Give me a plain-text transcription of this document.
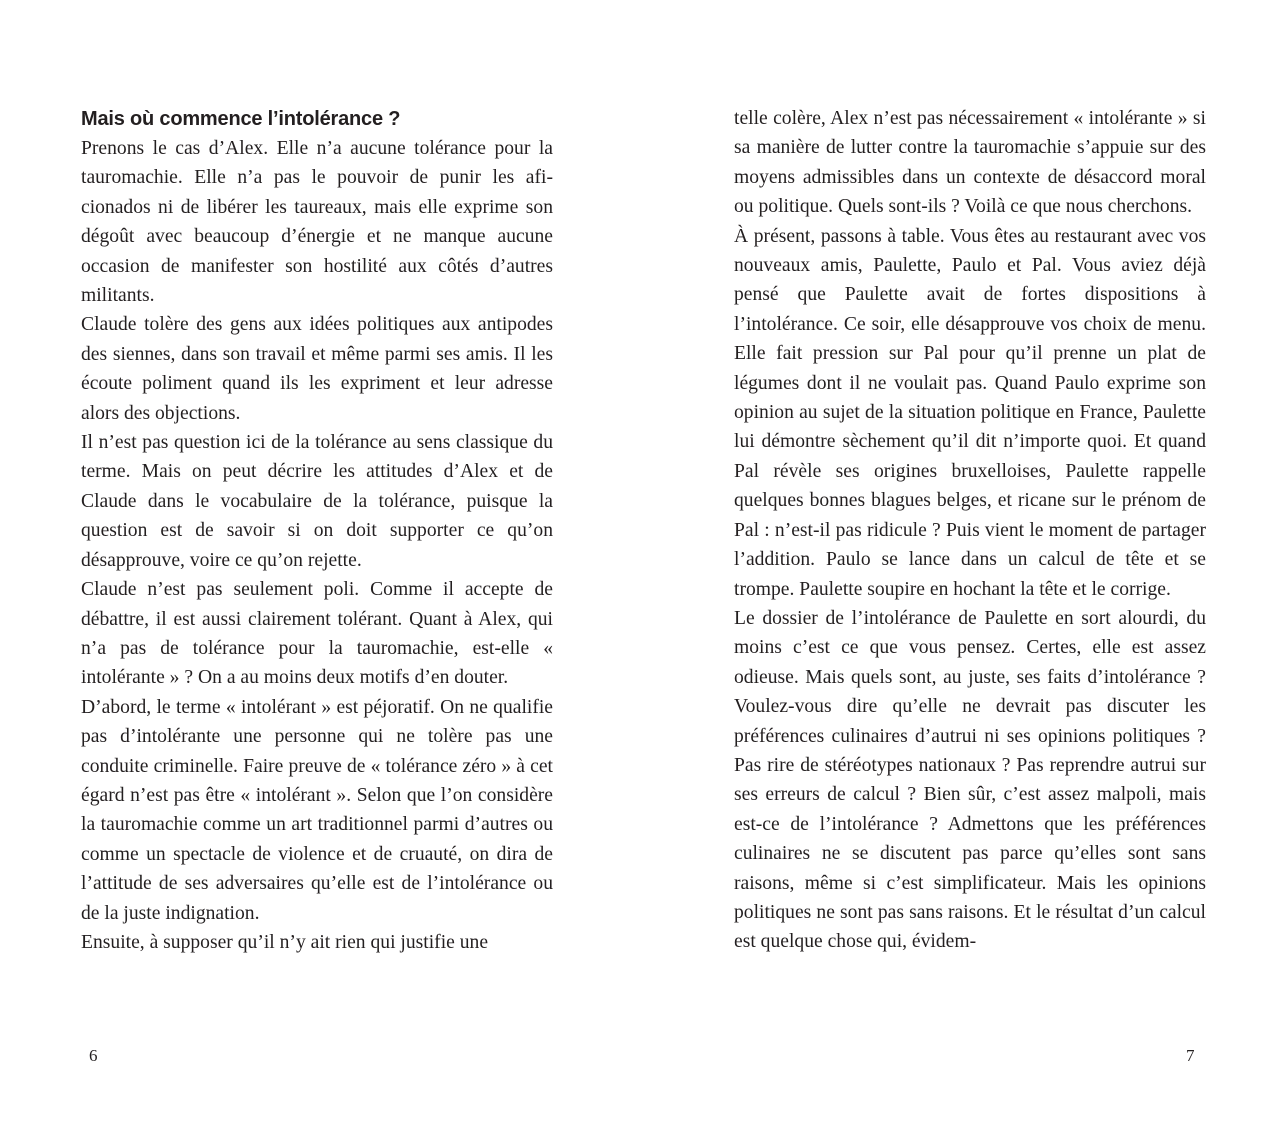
Mais où commence l’intolérance ?

Prenons le cas d’Alex. Elle n’a aucune tolérance pour la tauromachie. Elle n’a pas le pouvoir de punir les aficionados ni de libérer les taureaux, mais elle exprime son dégoût avec beaucoup d’énergie et ne manque aucune occasion de manifester son hostilité aux côtés d’autres militants.

Claude tolère des gens aux idées politiques aux antipodes des siennes, dans son travail et même parmi ses amis. Il les écoute poliment quand ils les expriment et leur adresse alors des objections.

Il n’est pas question ici de la tolérance au sens classique du terme. Mais on peut décrire les attitudes d’Alex et de Claude dans le vocabulaire de la tolérance, puisque la question est de savoir si on doit supporter ce qu’on désapprouve, voire ce qu’on rejette.

Claude n’est pas seulement poli. Comme il accepte de débattre, il est aussi clairement tolérant. Quant à Alex, qui n’a pas de tolérance pour la tauromachie, est-elle « intolérante » ? On a au moins deux motifs d’en douter.

D’abord, le terme « intolérant » est péjoratif. On ne qualifie pas d’intolérante une personne qui ne tolère pas une conduite criminelle. Faire preuve de « tolérance zéro » à cet égard n’est pas être « intolérant ». Selon que l’on considère la tauromachie comme un art traditionnel parmi d’autres ou comme un spectacle de violence et de cruauté, on dira de l’attitude de ses adversaires qu’elle est de l’intolérance ou de la juste indignation.

Ensuite, à supposer qu’il n’y ait rien qui justifie une

6

telle colère, Alex n’est pas nécessairement « intolérante » si sa manière de lutter contre la tauromachie s’appuie sur des moyens admissibles dans un contexte de désaccord moral ou politique. Quels sont-ils ? Voilà ce que nous cherchons.

À présent, passons à table. Vous êtes au restaurant avec vos nouveaux amis, Paulette, Paulo et Pal. Vous aviez déjà pensé que Paulette avait de fortes dispositions à l’intolérance. Ce soir, elle désapprouve vos choix de menu. Elle fait pression sur Pal pour qu’il prenne un plat de légumes dont il ne voulait pas. Quand Paulo exprime son opinion au sujet de la situation politique en France, Paulette lui démontre sèchement qu’il dit n’importe quoi. Et quand Pal révèle ses origines bruxelloises, Paulette rappelle quelques bonnes blagues belges, et ricane sur le prénom de Pal : n’est-il pas ridicule ? Puis vient le moment de partager l’addition. Paulo se lance dans un calcul de tête et se trompe. Paulette soupire en hochant la tête et le corrige.

Le dossier de l’intolérance de Paulette en sort alourdi, du moins c’est ce que vous pensez. Certes, elle est assez odieuse. Mais quels sont, au juste, ses faits d’intolérance ? Voulez-vous dire qu’elle ne devrait pas discuter les préférences culinaires d’autrui ni ses opinions politiques ? Pas rire de stéréotypes nationaux ? Pas reprendre autrui sur ses erreurs de calcul ? Bien sûr, c’est assez malpoli, mais est-ce de l’intolérance ? Admettons que les préférences culinaires ne se discutent pas parce qu’elles sont sans raisons, même si c’est simplificateur. Mais les opinions politiques ne sont pas sans raisons. Et le résultat d’un calcul est quelque chose qui, évidem-

7
